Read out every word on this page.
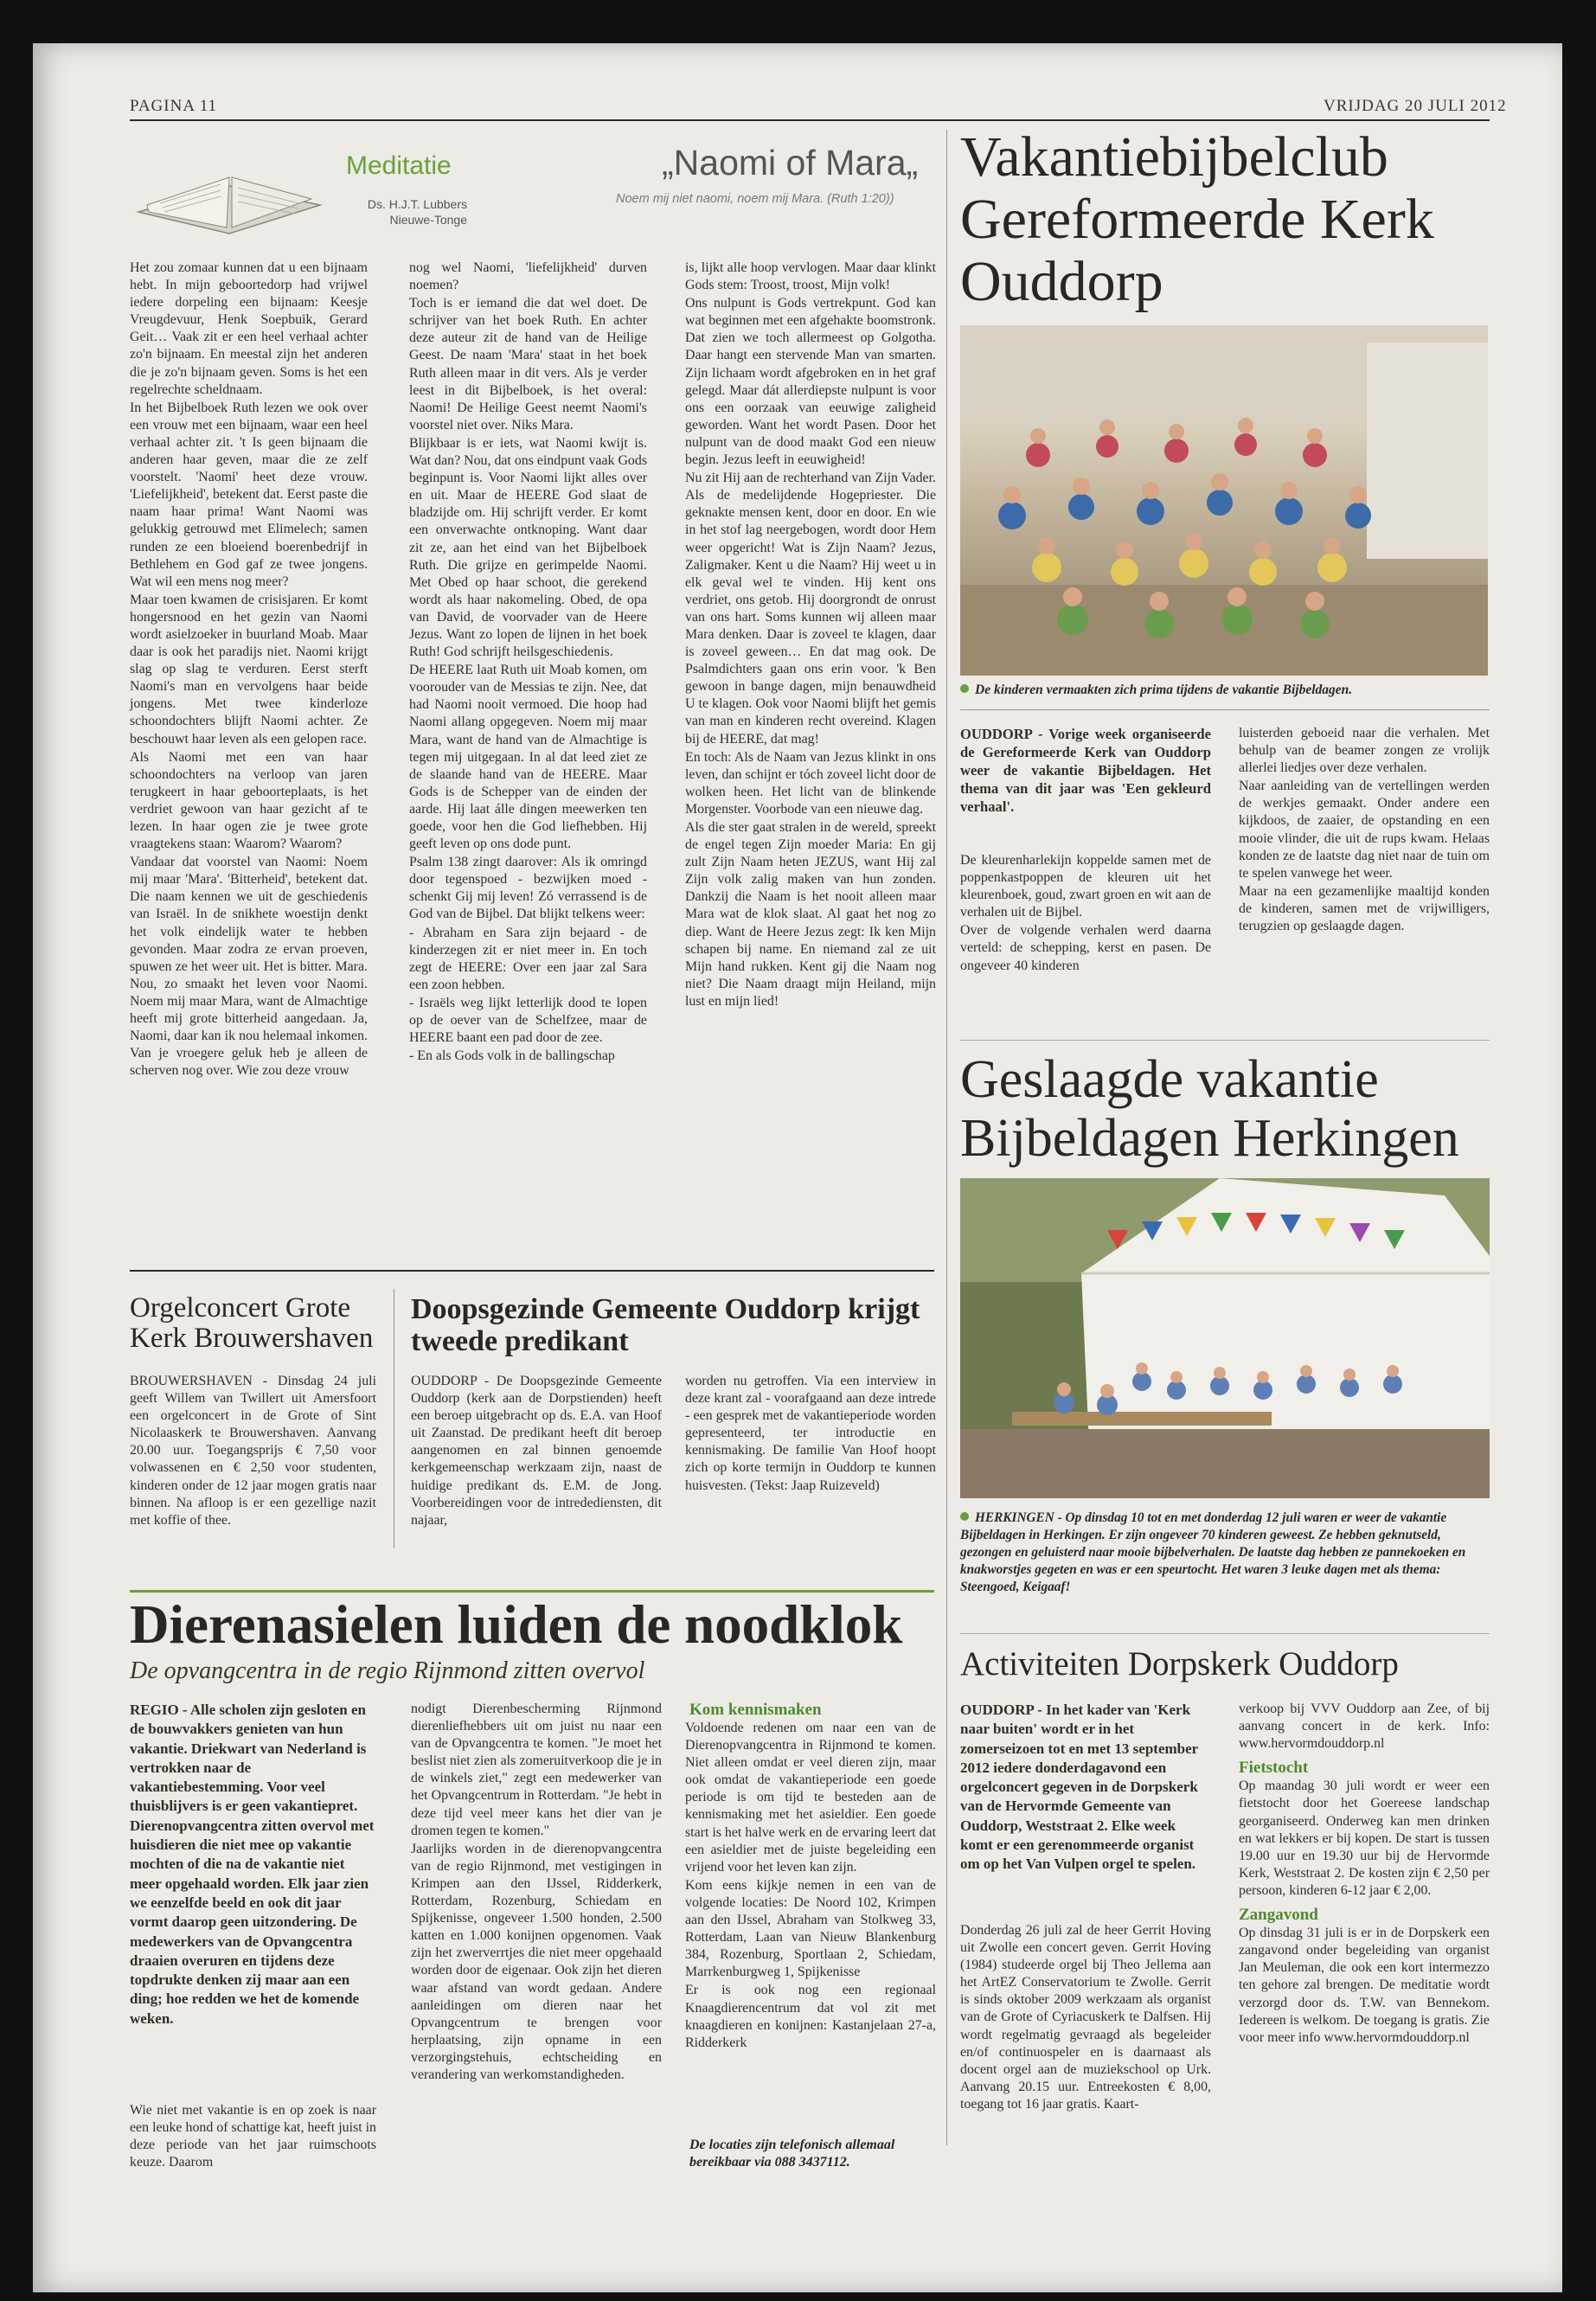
PAGINA 11	VRIJDAG 20 JULI 2012
Meditatie
Ds. H.J.T. Lubbers
Nieuwe-Tonge
„Naomi of Mara„
Noem mij niet naomi, noem mij Mara. (Ruth 1:20))

Het zou zomaar kunnen dat u een bijnaam hebt. In mijn geboortedorp had vrijwel iedere dorpeling een bijnaam: Keesje Vreugdevuur, Henk Soepbuik, Gerard Geit… Vaak zit er een heel verhaal achter zo'n bijnaam. En meestal zijn het anderen die je zo'n bijnaam geven. Soms is het een regelrechte scheldnaam.

In het Bijbelboek Ruth lezen we ook over een vrouw met een bijnaam, waar een heel verhaal achter zit. 't Is geen bijnaam die anderen haar geven, maar die ze zelf voorstelt. 'Naomi' heet deze vrouw. 'Liefelijkheid', betekent dat. Eerst paste die naam haar prima! Want Naomi was gelukkig getrouwd met Elimelech; samen runden ze een bloeiend boerenbedrijf in Bethlehem en God gaf ze twee jongens. Wat wil een mens nog meer?

Maar toen kwamen de crisisjaren. Er komt hongersnood en het gezin van Naomi wordt asielzoeker in buurland Moab. Maar daar is ook het paradijs niet. Naomi krijgt slag op slag te verduren. Eerst sterft Naomi's man en vervolgens haar beide jongens. Met twee kinderloze schoondochters blijft Naomi achter. Ze beschouwt haar leven als een gelopen race.

Als Naomi met een van haar schoondochters na verloop van jaren terugkeert in haar geboorteplaats, is het verdriet gewoon van haar gezicht af te lezen. In haar ogen zie je twee grote vraagtekens staan: Waarom? Waarom?

Vandaar dat voorstel van Naomi: Noem mij maar 'Mara'. 'Bitterheid', betekent dat. Die naam kennen we uit de geschiedenis van Israël. In de snikhete woestijn denkt het volk eindelijk water te hebben gevonden. Maar zodra ze ervan proeven, spuwen ze het weer uit. Het is bitter. Mara. Nou, zo smaakt het leven voor Naomi. Noem mij maar Mara, want de Almachtige heeft mij grote bitterheid aangedaan. Ja, Naomi, daar kan ik nou helemaal inkomen. Van je vroegere geluk heb je alleen de scherven nog over. Wie zou deze vrouw

nog wel Naomi, 'liefelijkheid' durven noemen?

Toch is er iemand die dat wel doet. De schrijver van het boek Ruth. En achter deze auteur zit de hand van de Heilige Geest. De naam 'Mara' staat in het boek Ruth alleen maar in dit vers. Als je verder leest in dit Bijbelboek, is het overal: Naomi! De Heilige Geest neemt Naomi's voorstel niet over. Niks Mara.

Blijkbaar is er iets, wat Naomi kwijt is. Wat dan? Nou, dat ons eindpunt vaak Gods beginpunt is. Voor Naomi lijkt alles over en uit. Maar de HEERE God slaat de bladzijde om. Hij schrijft verder. Er komt een onverwachte ontknoping. Want daar zit ze, aan het eind van het Bijbelboek Ruth. Die grijze en gerimpelde Naomi. Met Obed op haar schoot, die gerekend wordt als haar nakomeling. Obed, de opa van David, de voorvader van de Heere Jezus. Want zo lopen de lijnen in het boek Ruth! God schrijft heilsgeschiedenis.

De HEERE laat Ruth uit Moab komen, om voorouder van de Messias te zijn. Nee, dat had Naomi nooit vermoed. Die hoop had Naomi allang opgegeven. Noem mij maar Mara, want de hand van de Almachtige is tegen mij uitgegaan. In al dat leed ziet ze de slaande hand van de HEERE. Maar Gods is de Schepper van de einden der aarde. Hij laat álle dingen meewerken ten goede, voor hen die God liefhebben. Hij geeft leven op ons dode punt.

Psalm 138 zingt daarover: Als ik omringd door tegenspoed - bezwijken moed - schenkt Gij mij leven! Zó verrassend is de God van de Bijbel. Dat blijkt telkens weer:

- Abraham en Sara zijn bejaard - de kinderzegen zit er niet meer in. En toch zegt de HEERE: Over een jaar zal Sara een zoon hebben.

- Israëls weg lijkt letterlijk dood te lopen op de oever van de Schelfzee, maar de HEERE baant een pad door de zee.

- En als Gods volk in de ballingschap

is, lijkt alle hoop vervlogen. Maar daar klinkt Gods stem: Troost, troost, Mijn volk!

Ons nulpunt is Gods vertrekpunt. God kan wat beginnen met een afgehakte boomstronk. Dat zien we toch allermeest op Golgotha. Daar hangt een stervende Man van smarten. Zijn lichaam wordt afgebroken en in het graf gelegd. Maar dát allerdiepste nulpunt is voor ons een oorzaak van eeuwige zaligheid geworden. Want het wordt Pasen. Door het nulpunt van de dood maakt God een nieuw begin. Jezus leeft in eeuwigheid!

Nu zit Hij aan de rechterhand van Zijn Vader. Als de medelijdende Hogepriester. Die geknakte mensen kent, door en door. En wie in het stof lag neergebogen, wordt door Hem weer opgericht! Wat is Zijn Naam? Jezus, Zaligmaker. Kent u die Naam? Hij weet u in elk geval wel te vinden. Hij kent ons verdriet, ons getob. Hij doorgrondt de onrust van ons hart. Soms kunnen wij alleen maar Mara denken. Daar is zoveel te klagen, daar is zoveel geween… En dat mag ook. De Psalmdichters gaan ons erin voor. 'k Ben gewoon in bange dagen, mijn benauwdheid U te klagen. Ook voor Naomi blijft het gemis van man en kinderen recht overeind. Klagen bij de HEERE, dat mag!

En toch: Als de Naam van Jezus klinkt in ons leven, dan schijnt er tóch zoveel licht door de wolken heen. Het licht van de blinkende Morgenster. Voorbode van een nieuwe dag.

Als die ster gaat stralen in de wereld, spreekt de engel tegen Zijn moeder Maria: En gij zult Zijn Naam heten JEZUS, want Hij zal Zijn volk zalig maken van hun zonden. Dankzij die Naam is het nooit alleen maar Mara wat de klok slaat. Al gaat het nog zo diep. Want de Heere Jezus zegt: Ik ken Mijn schapen bij name. En niemand zal ze uit Mijn hand rukken. Kent gij die Naam nog niet? Die Naam draagt mijn Heiland, mijn lust en mijn lied!

Vakantiebijbelclub Gereformeerde Kerk Ouddorp
De kinderen vermaakten zich prima tijdens de vakantie Bijbeldagen.
OUDDORP - Vorige week organiseerde de Gereformeerde Kerk van Ouddorp weer de vakantie Bijbeldagen. Het thema van dit jaar was 'Een gekleurd verhaal'.

De kleurenharlekijn koppelde samen met de poppenkastpoppen de kleuren uit het kleurenboek, goud, zwart groen en wit aan de verhalen uit de Bijbel.

Over de volgende verhalen werd daarna verteld: de schepping, kerst en pasen. De ongeveer 40 kinderen

luisterden geboeid naar die verhalen. Met behulp van de beamer zongen ze vrolijk allerlei liedjes over deze verhalen.

Naar aanleiding van de vertellingen werden de werkjes gemaakt. Onder andere een kijkdoos, de zaaier, de opstanding en een mooie vlinder, die uit de rups kwam. Helaas konden ze de laatste dag niet naar de tuin om te spelen vanwege het weer.

Maar na een gezamenlijke maaltijd konden de kinderen, samen met de vrijwilligers, terugzien op geslaagde dagen.

Geslaagde vakantie Bijbeldagen Herkingen
HERKINGEN - Op dinsdag 10 tot en met donderdag 12 juli waren er weer de vakantie Bijbeldagen in Herkingen. Er zijn ongeveer 70 kinderen geweest. Ze hebben geknutseld, gezongen en geluisterd naar mooie bijbelverhalen. De laatste dag hebben ze pannekoeken en knakworstjes gegeten en was er een speurtocht. Het waren 3 leuke dagen met als thema: Steengoed, Keigaaf!
Orgelconcert Grote Kerk Brouwershaven
BROUWERSHAVEN - Dinsdag 24 juli geeft Willem van Twillert uit Amersfoort een orgelconcert in de Grote of Sint Nicolaaskerk te Brouwershaven. Aanvang 20.00 uur. Toegangsprijs € 7,50 voor volwassenen en € 2,50 voor studenten, kinderen onder de 12 jaar mogen gratis naar binnen. Na afloop is er een gezellige nazit met koffie of thee.
Doopsgezinde Gemeente Ouddorp krijgt tweede predikant
OUDDORP - De Doopsgezinde Gemeente Ouddorp (kerk aan de Dorpstienden) heeft een beroep uitgebracht op ds. E.A. van Hoof uit Zaanstad. De predikant heeft dit beroep aangenomen en zal binnen genoemde kerkgemeenschap werkzaam zijn, naast de huidige predikant ds. E.M. de Jong. Voorbereidingen voor de intredediensten, dit najaar,
worden nu getroffen. Via een interview in deze krant zal - voorafgaand aan deze intrede - een gesprek met de vakantieperiode worden gepresenteerd, ter introductie en kennismaking. De familie Van Hoof hoopt zich op korte termijn in Ouddorp te kunnen huisvesten. (Tekst: Jaap Ruizeveld)
Dierenasielen luiden de noodklok
De opvangcentra in de regio Rijnmond zitten overvol
REGIO - Alle scholen zijn gesloten en de bouwvakkers genieten van hun vakantie. Driekwart van Nederland is vertrokken naar de vakantiebestemming. Voor veel thuisblijvers is er geen vakantiepret. Dierenopvangcentra zitten overvol met huisdieren die niet mee op vakantie mochten of die na de vakantie niet meer opgehaald worden. Elk jaar zien we eenzelfde beeld en ook dit jaar vormt daarop geen uitzondering. De medewerkers van de Opvangcentra draaien overuren en tijdens deze topdrukte denken zij maar aan een ding; hoe redden we het de komende weken.
Wie niet met vakantie is en op zoek is naar een leuke hond of schattige kat, heeft juist in deze periode van het jaar ruimschoots keuze. Daarom

nodigt Dierenbescherming Rijnmond dierenliefhebbers uit om juist nu naar een van de Opvangcentra te komen. "Je moet het beslist niet zien als zomeruitverkoop die je in de winkels ziet," zegt een medewerker van het Opvangcentrum in Rotterdam. "Je hebt in deze tijd veel meer kans het dier van je dromen tegen te komen."

Jaarlijks worden in de dierenopvangcentra van de regio Rijnmond, met vestigingen in Krimpen aan den IJssel, Ridderkerk, Rotterdam, Rozenburg, Schiedam en Spijkenisse, ongeveer 1.500 honden, 2.500 katten en 1.000 konijnen opgenomen. Vaak zijn het zwerverrtjes die niet meer opgehaald worden door de eigenaar. Ook zijn het dieren waar afstand van wordt gedaan. Andere aanleidingen om dieren naar het Opvangcentrum te brengen voor herplaatsing, zijn opname in een verzorgingstehuis, echtscheiding en verandering van werkomstandigheden.

Kom kennismaken

Voldoende redenen om naar een van de Dierenopvangcentra in Rijnmond te komen. Niet alleen omdat er veel dieren zijn, maar ook omdat de vakantieperiode een goede periode is om tijd te besteden aan de kennismaking met het asieldier. Een goede start is het halve werk en de ervaring leert dat een asieldier met de juiste begeleiding een vrijend voor het leven kan zijn.

Kom eens kijkje nemen in een van de volgende locaties: De Noord 102, Krimpen aan den IJssel, Abraham van Stolkweg 33, Rotterdam, Laan van Nieuw Blankenburg 384, Rozenburg, Sportlaan 2, Schiedam, Marrkenburgweg 1, Spijkenisse

Er is ook nog een regionaal Knaagdierencentrum dat vol zit met knaagdieren en konijnen: Kastanjelaan 27-a, Ridderkerk

De locaties zijn telefonisch allemaal bereikbaar via 088 3437112.
Activiteiten Dorpskerk Ouddorp
OUDDORP - In het kader van 'Kerk naar buiten' wordt er in het zomerseizoen tot en met 13 september 2012 iedere donderdagavond een orgelconcert gegeven in de Dorpskerk van de Hervormde Gemeente van Ouddorp, Weststraat 2. Elke week komt er een gerenommeerde organist om op het Van Vulpen orgel te spelen.
Donderdag 26 juli zal de heer Gerrit Hoving uit Zwolle een concert geven. Gerrit Hoving (1984) studeerde orgel bij Theo Jellema aan het ArtEZ Conservatorium te Zwolle. Gerrit is sinds oktober 2009 werkzaam als organist van de Grote of Cyriacuskerk te Dalfsen. Hij wordt regelmatig gevraagd als begeleider en/of continuospeler en is daarnaast als docent orgel aan de muziekschool op Urk. Aanvang 20.15 uur. Entreekosten € 8,00, toegang tot 16 jaar gratis. Kaart-

verkoop bij VVV Ouddorp aan Zee, of bij aanvang concert in de kerk. Info: www.hervormdouddorp.nl

Fietstocht

Op maandag 30 juli wordt er weer een fietstocht door het Goereese landschap georganiseerd. Onderweg kan men drinken en wat lekkers er bij kopen. De start is tussen 19.00 uur en 19.30 uur bij de Hervormde Kerk, Weststraat 2. De kosten zijn € 2,50 per persoon, kinderen 6-12 jaar € 2,00.

Zangavond

Op dinsdag 31 juli is er in de Dorpskerk een zangavond onder begeleiding van organist Jan Meuleman, die ook een kort intermezzo ten gehore zal brengen. De meditatie wordt verzorgd door ds. T.W. van Bennekom. Iedereen is welkom. De toegang is gratis. Zie voor meer info www.hervormdouddorp.nl
